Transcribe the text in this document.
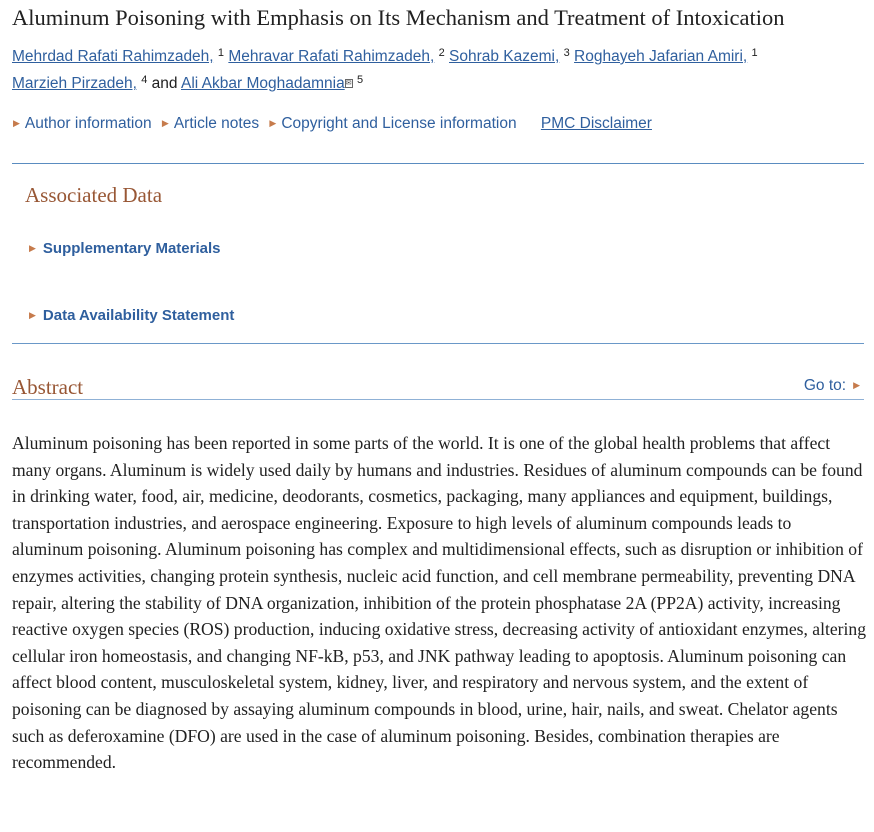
Aluminum Poisoning with Emphasis on Its Mechanism and Treatment of Intoxication
Mehrdad Rafati Rahimzadeh, $^1$ Mehravar Rafati Rahimzadeh, $^2$ Sohrab Kazemi, $^3$ Roghayeh Jafarian Amiri, $^1$
Marzieh Pirzadeh, $^4$ and Ali Akbar Moghadamnia✉ $^5$
▶ Author information ▶ Article notes ▶ Copyright and License information PMC Disclaimer
Associated Data
▶ Supplementary Materials
▶ Data Availability Statement
Abstract	Go to: ▶

Aluminum poisoning has been reported in some parts of the world. It is one of the global health problems that affect many organs. Aluminum is widely used daily by humans and industries. Residues of aluminum compounds can be found in drinking water, food, air, medicine, deodorants, cosmetics, packaging, many appliances and equipment, buildings, transportation industries, and aerospace engineering. Exposure to high levels of aluminum compounds leads to aluminum poisoning. Aluminum poisoning has complex and multidimensional effects, such as disruption or inhibition of enzymes activities, changing protein synthesis, nucleic acid function, and cell membrane permeability, preventing DNA repair, altering the stability of DNA organization, inhibition of the protein phosphatase 2A (PP2A) activity, increasing reactive oxygen species (ROS) production, inducing oxidative stress, decreasing activity of antioxidant enzymes, altering cellular iron homeostasis, and changing NF-kB, p53, and JNK pathway leading to apoptosis. Aluminum poisoning can affect blood content, musculoskeletal system, kidney, liver, and respiratory and nervous system, and the extent of poisoning can be diagnosed by assaying aluminum compounds in blood, urine, hair, nails, and sweat. Chelator agents such as deferoxamine (DFO) are used in the case of aluminum poisoning. Besides, combination therapies are recommended.
